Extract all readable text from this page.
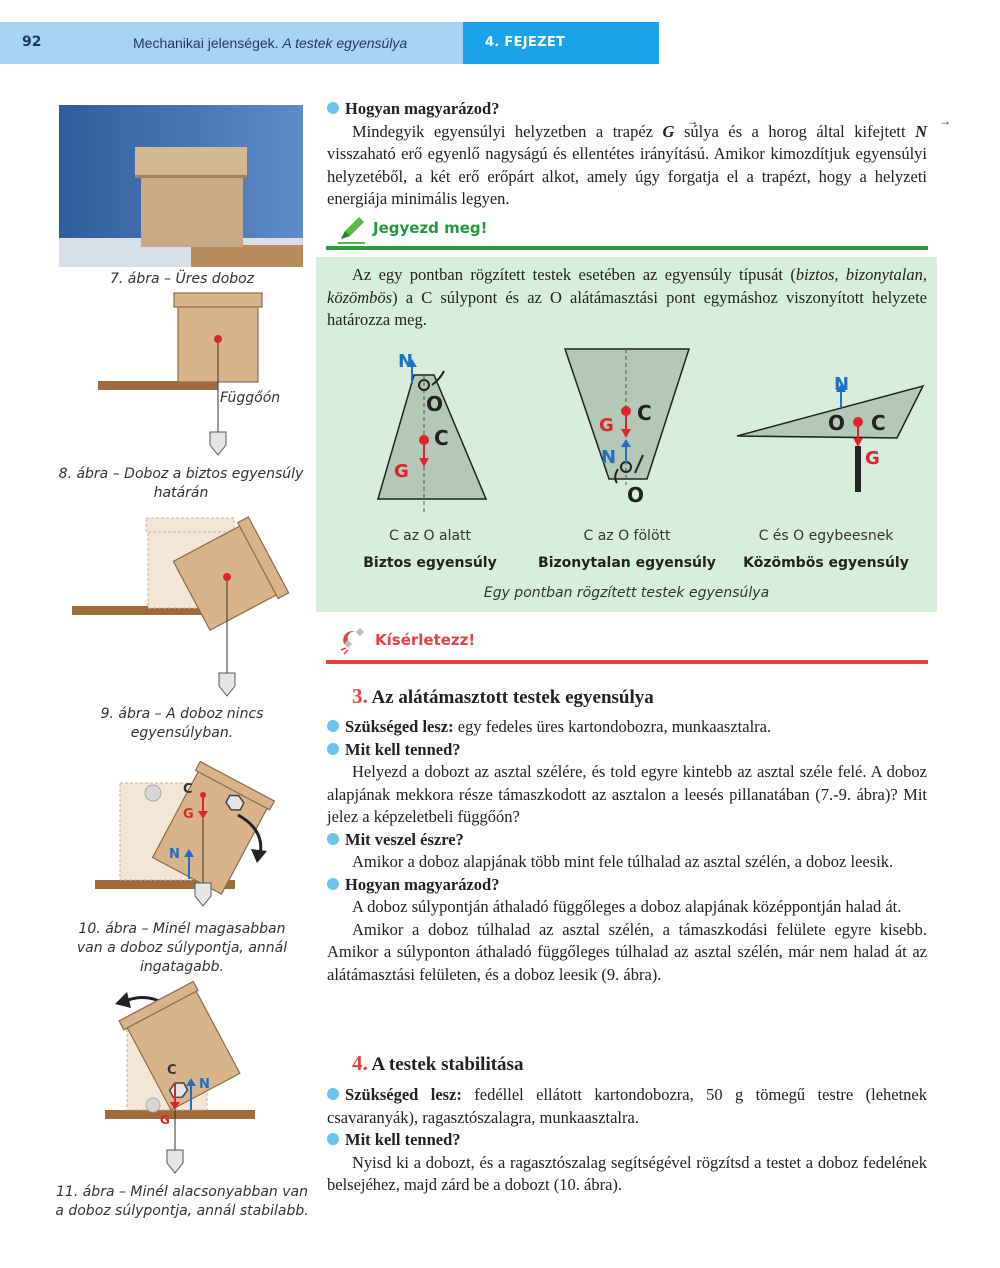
92	Mechanikai jelenségek. A testek egyensúlya	4. FEJEZET
7. ábra – Üres doboz
Függőón
8. ábra – Doboz a biztos egyensúly
határán
9. ábra – A doboz nincs
egyensúlyban.
C
G
N
10. ábra – Minél magasabban
van a doboz súlypontja, annál
ingatagabb.
C
N
G
11. ábra – Minél alacsonyabban van
a doboz súlypontja, annál stabilabb.

Hogyan magyarázod?

Mindegyik egyensúlyi helyzetben a trapéz → G súlya és a horog által kifejtett → N visszaható erő egyenlő nagyságú és ellentétes irányítású. Amikor kimozdítjuk egyensúlyi helyzetéből, a két erő erőpárt alkot, amely úgy forgatja el a trapézt, hogy a helyzeti energiája minimális legyen.

Jegyezd meg!
Az egy pontban rögzített testek esetében az egyensúly típusát (biztos, bizonytalan, közömbös) a C súlypont és az O alátámasztási pont egymáshoz viszonyított helyzete határozza meg.
N
O
C
G
C az O alatt
Biztos egyensúly
C
G
N
O
C az O fölött
Bizonytalan egyensúly
N
O C
G
C és O egybeesnek
Közömbös egyensúly
Egy pontban rögzített testek egyensúlya
Kísérletezz!
3. Az alátámasztott testek egyensúlya

Szükséged lesz: egy fedeles üres kartondobozra, munkaasztalra.

Mit kell tenned?

Helyezd a dobozt az asztal szélére, és told egyre kintebb az asztal széle felé. A doboz alapjának mekkora része támaszkodott az asztalon a leesés pillanatában (7.-9. ábra)? Mit jelez a képzeletbeli függőón?

Mit veszel észre?

Amikor a doboz alapjának több mint fele túlhalad az asztal szélén, a doboz leesik.

Hogyan magyarázod?

A doboz súlypontján áthaladó függőleges a doboz alapjának középpontján halad át.

Amikor a doboz túlhalad az asztal szélén, a támaszkodási felülete egyre kisebb. Amikor a súlyponton áthaladó függőleges túlhalad az asztal szélén, már nem halad át az alátámasztási felületen, és a doboz leesik (9. ábra).

4. A testek stabilitása

Szükséged lesz: fedéllel ellátott kartondobozra, 50 g tömegű testre (lehetnek csavaranyák), ragasztószalagra, munkaasztalra.

Mit kell tenned?

Nyisd ki a dobozt, és a ragasztószalag segítségével rögzítsd a testet a doboz fedelének belsejéhez, majd zárd be a dobozt (10. ábra).
